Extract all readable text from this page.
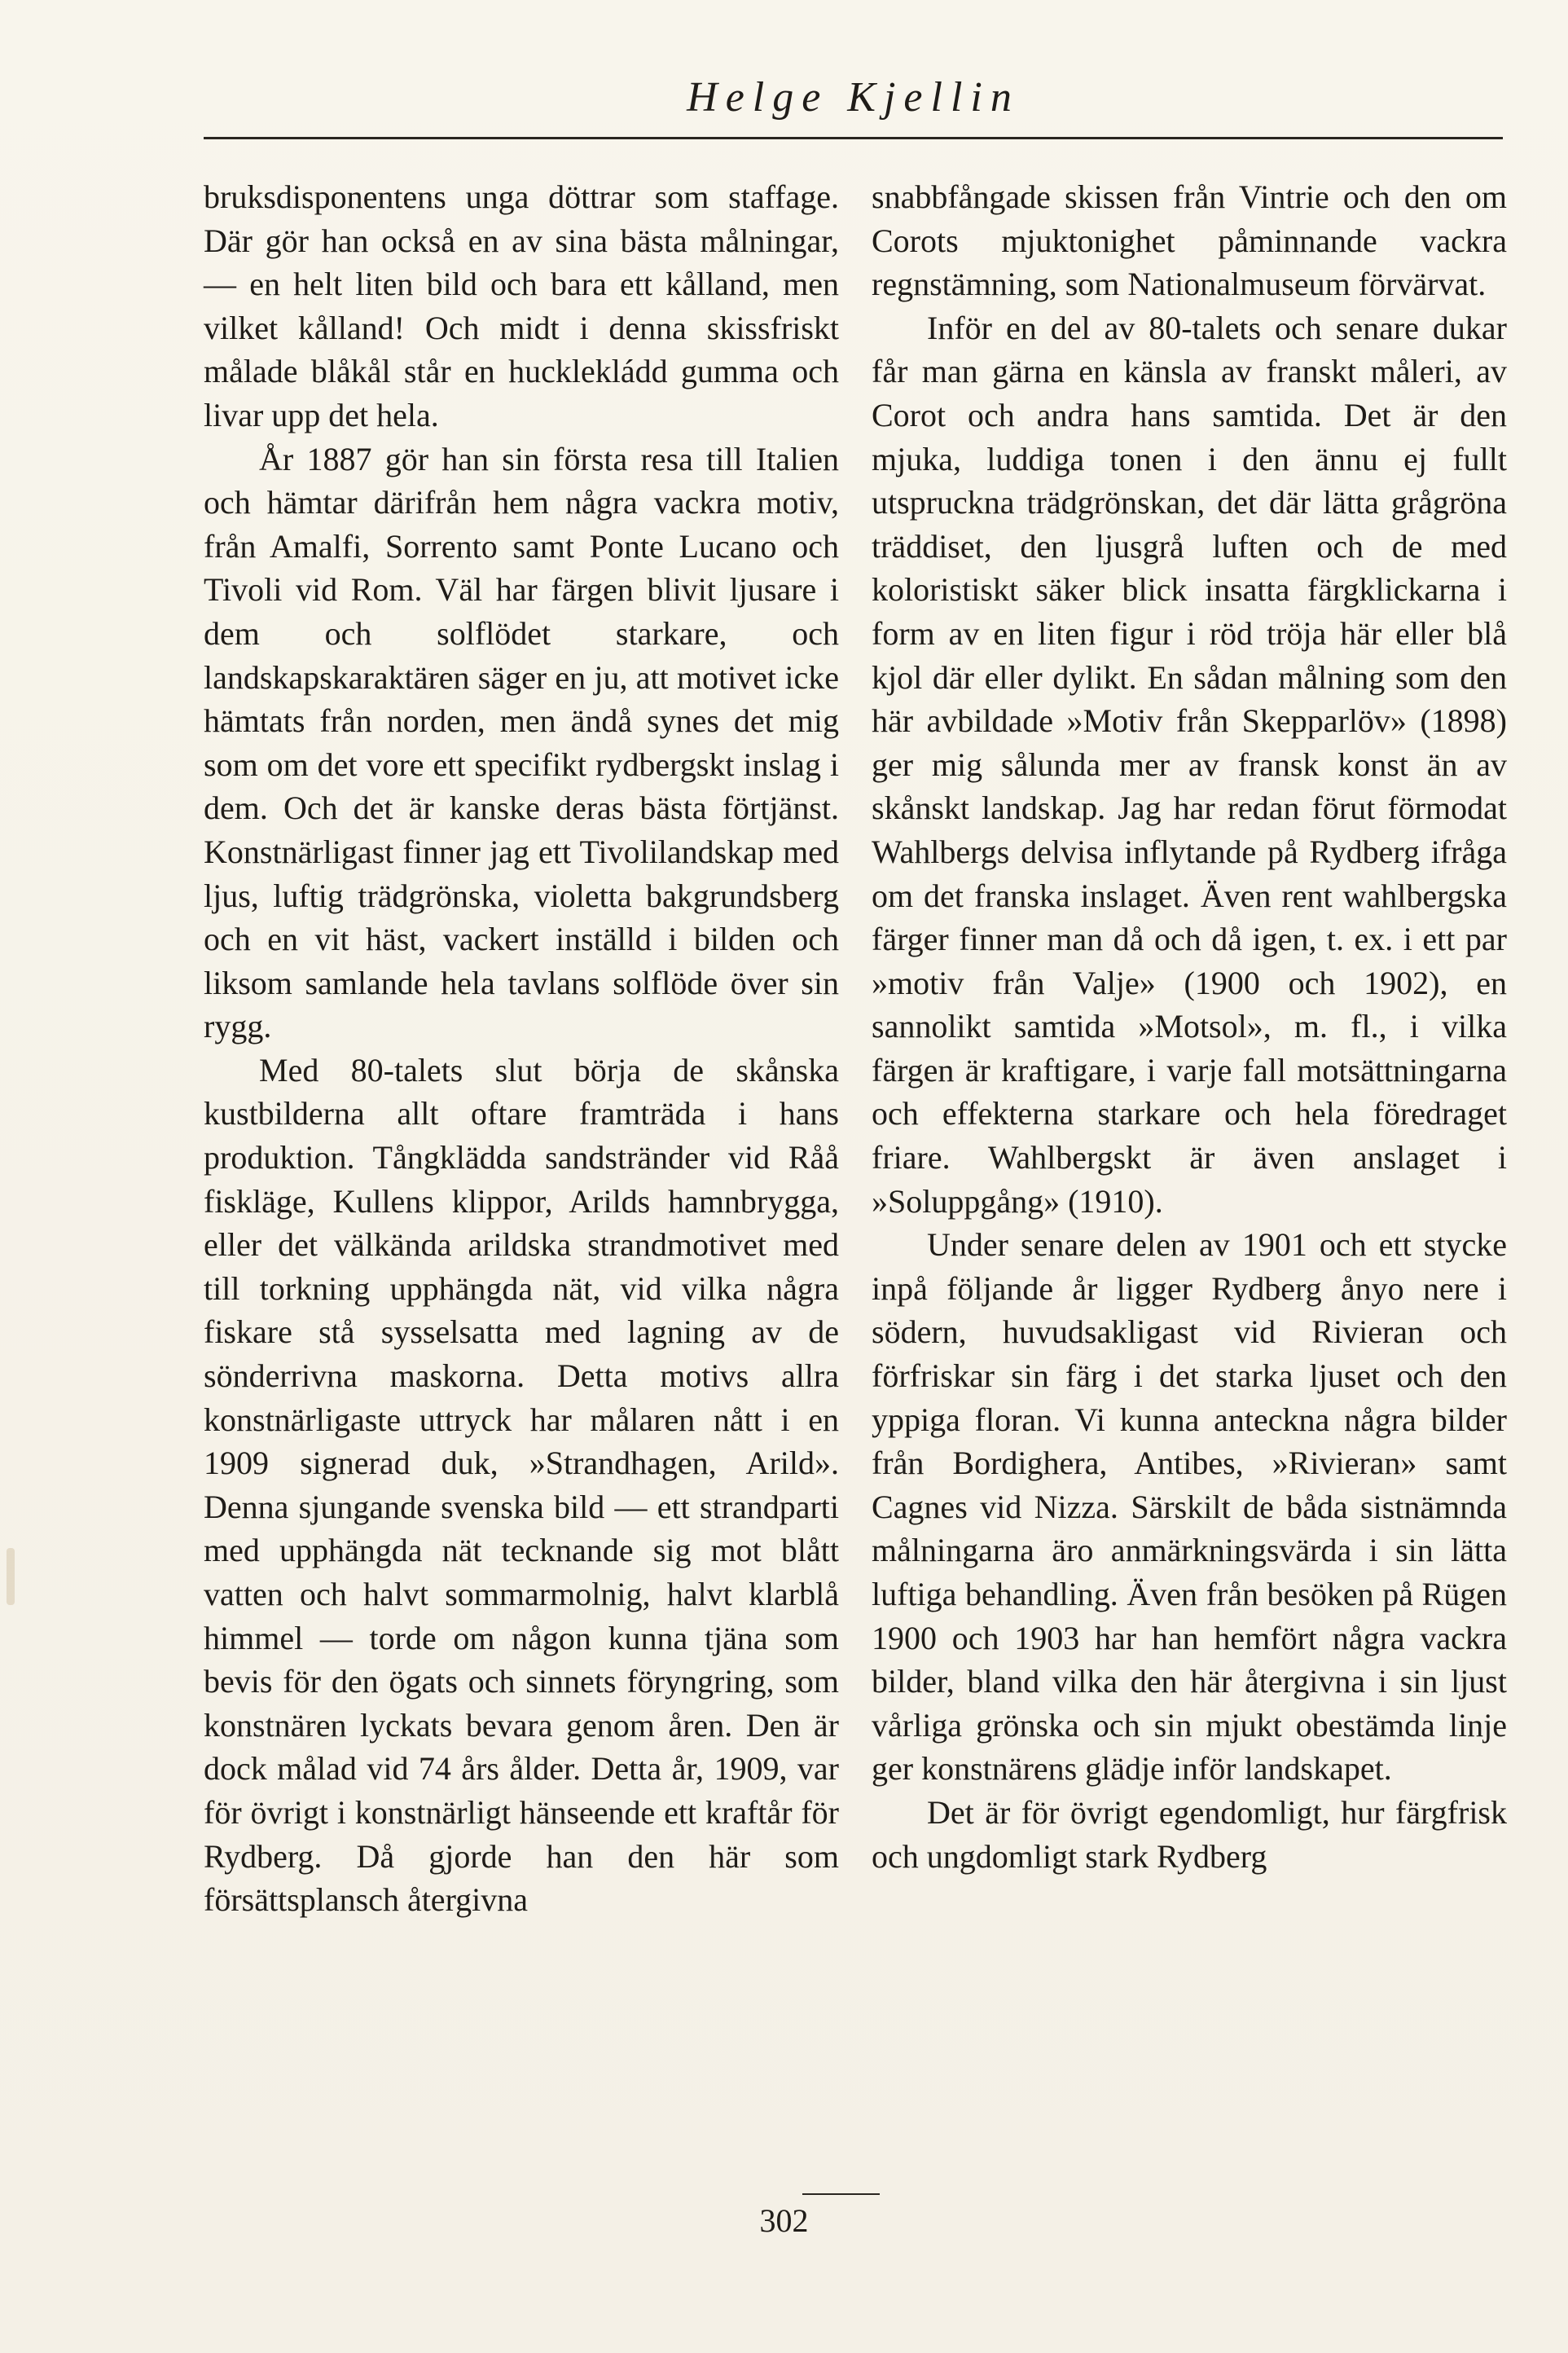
Helge Kjellin

bruksdisponentens unga döttrar som staffage. Där gör han också en av sina bästa målningar, — en helt liten bild och bara ett kålland, men vilket kålland! Och midt i denna skissfriskt målade blåkål står en hucklekládd gumma och livar upp det hela.

År 1887 gör han sin första resa till Italien och hämtar därifrån hem några vackra motiv, från Amalfi, Sorrento samt Ponte Lucano och Tivoli vid Rom. Väl har färgen blivit ljusare i dem och solflödet starkare, och landskapskaraktären säger en ju, att motivet icke hämtats från norden, men ändå synes det mig som om det vore ett specifikt rydbergskt inslag i dem. Och det är kanske deras bästa förtjänst. Konstnärligast finner jag ett Tivolilandskap med ljus, luftig trädgrönska, violetta bakgrundsberg och en vit häst, vackert inställd i bilden och liksom samlande hela tavlans solflöde över sin rygg.

Med 80-talets slut börja de skånska kustbilderna allt oftare framträda i hans produktion. Tångklädda sandstränder vid Råå fiskläge, Kullens klippor, Arilds hamnbrygga, eller det välkända arildska strandmotivet med till torkning upphängda nät, vid vilka några fiskare stå sysselsatta med lagning av de sönderrivna maskorna. Detta motivs allra konstnärligaste uttryck har målaren nått i en 1909 signerad duk, »Strandhagen, Arild». Denna sjungande svenska bild — ett strandparti med upphängda nät tecknande sig mot blått vatten och halvt sommarmolnig, halvt klarblå himmel — torde om någon kunna tjäna som bevis för den ögats och sinnets föryngring, som konstnären lyckats bevara genom åren. Den är dock målad vid 74 års ålder. Detta år, 1909, var för övrigt i konstnärligt hänseende ett kraftår för Rydberg. Då gjorde han den här som försättsplansch återgivna

snabbfångade skissen från Vintrie och den om Corots mjuktonighet påminnande vackra regnstämning, som Nationalmuseum förvärvat.

Inför en del av 80-talets och senare dukar får man gärna en känsla av franskt måleri, av Corot och andra hans samtida. Det är den mjuka, luddiga tonen i den ännu ej fullt utspruckna trädgrönskan, det där lätta grågröna träddiset, den ljusgrå luften och de med koloristiskt säker blick insatta färgklickarna i form av en liten figur i röd tröja här eller blå kjol där eller dylikt. En sådan målning som den här avbildade »Motiv från Skepparlöv» (1898) ger mig sålunda mer av fransk konst än av skånskt landskap. Jag har redan förut förmodat Wahlbergs delvisa inflytande på Rydberg ifråga om det franska inslaget. Även rent wahlbergska färger finner man då och då igen, t. ex. i ett par »motiv från Valje» (1900 och 1902), en sannolikt samtida »Motsol», m. fl., i vilka färgen är kraftigare, i varje fall motsättningarna och effekterna starkare och hela föredraget friare. Wahlbergskt är även anslaget i »Soluppgång» (1910).

Under senare delen av 1901 och ett stycke inpå följande år ligger Rydberg ånyo nere i södern, huvudsakligast vid Rivieran och förfriskar sin färg i det starka ljuset och den yppiga floran. Vi kunna anteckna några bilder från Bordighera, Antibes, »Rivieran» samt Cagnes vid Nizza. Särskilt de båda sistnämnda målningarna äro anmärkningsvärda i sin lätta luftiga behandling. Även från besöken på Rügen 1900 och 1903 har han hemfört några vackra bilder, bland vilka den här återgivna i sin ljust vårliga grönska och sin mjukt obestämda linje ger konstnärens glädje inför landskapet.

Det är för övrigt egendomligt, hur färgfrisk och ungdomligt stark Rydberg

302
